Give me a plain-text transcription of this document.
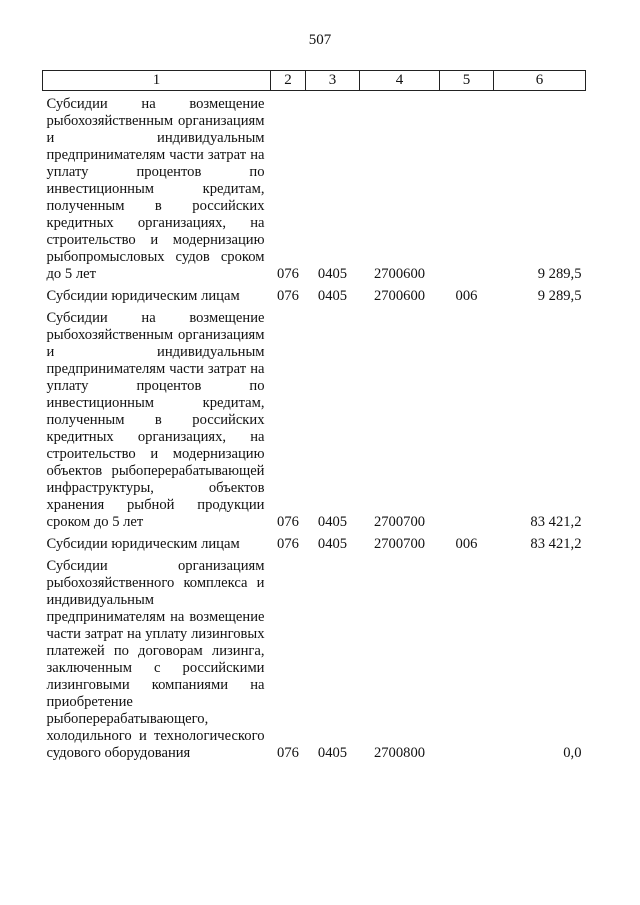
507
1	2	3	4	5	6
Субсидии на возмещение рыбохозяйственным организациям и индивидуальным предпринимателям части затрат на уплату процентов по инвестиционным кредитам, полученным в российских кредитных организациях, на строительство и модернизацию рыбопромысловых судов сроком до 5 лет	076	0405	2700600		9 289,5
Субсидии юридическим лицам	076	0405	2700600	006	9 289,5
Субсидии на возмещение рыбохозяйственным организациям и индивидуальным предпринимателям части затрат на уплату процентов по инвестиционным кредитам, полученным в российских кредитных организациях, на строительство и модернизацию объектов рыбоперерабатывающей инфраструктуры, объектов хранения рыбной продукции сроком до 5 лет	076	0405	2700700		83 421,2
Субсидии юридическим лицам	076	0405	2700700	006	83 421,2
Субсидии организациям рыбохозяйственного комплекса и индивидуальным предпринимателям на возмещение части затрат на уплату лизинговых платежей по договорам лизинга, заключенным с российскими лизинговыми компаниями на приобретение рыбоперерабатывающего, холодильного и технологического судового оборудования	076	0405	2700800		0,0
